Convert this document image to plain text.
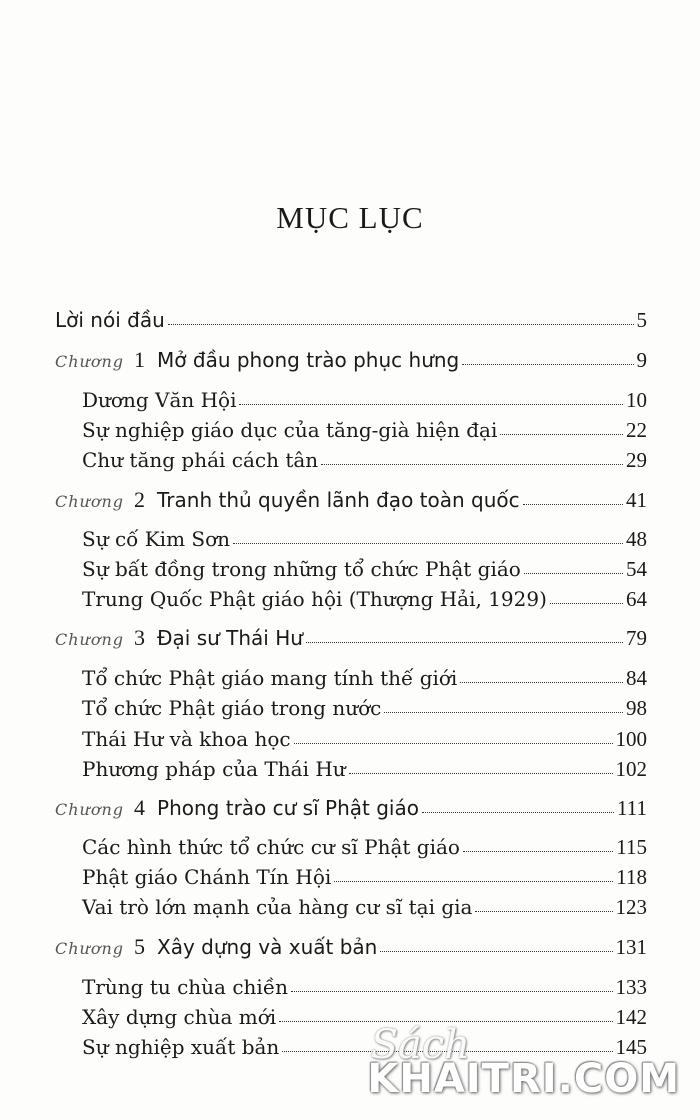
MỤC LỤC
Lời nói đầu	5
Chương 1 Mở đầu phong trào phục hưng	9
Dương Văn Hội	10
Sự nghiệp giáo dục của tăng-già hiện đại	22
Chư tăng phái cách tân	29
Chương 2 Tranh thủ quyền lãnh đạo toàn quốc	41
Sự cố Kim Sơn	48
Sự bất đồng trong những tổ chức Phật giáo	54
Trung Quốc Phật giáo hội (Thượng Hải, 1929)	64
Chương 3 Đại sư Thái Hư	79
Tổ chức Phật giáo mang tính thế giới	84
Tổ chức Phật giáo trong nước	98
Thái Hư và khoa học	100
Phương pháp của Thái Hư	102
Chương 4 Phong trào cư sĩ Phật giáo	111
Các hình thức tổ chức cư sĩ Phật giáo	115
Phật giáo Chánh Tín Hội	118
Vai trò lớn mạnh của hàng cư sĩ tại gia	123
Chương 5 Xây dựng và xuất bản	131
Trùng tu chùa chiền	133
Xây dựng chùa mới	142
Sự nghiệp xuất bản	145
Sách
KHAITRI.COM
